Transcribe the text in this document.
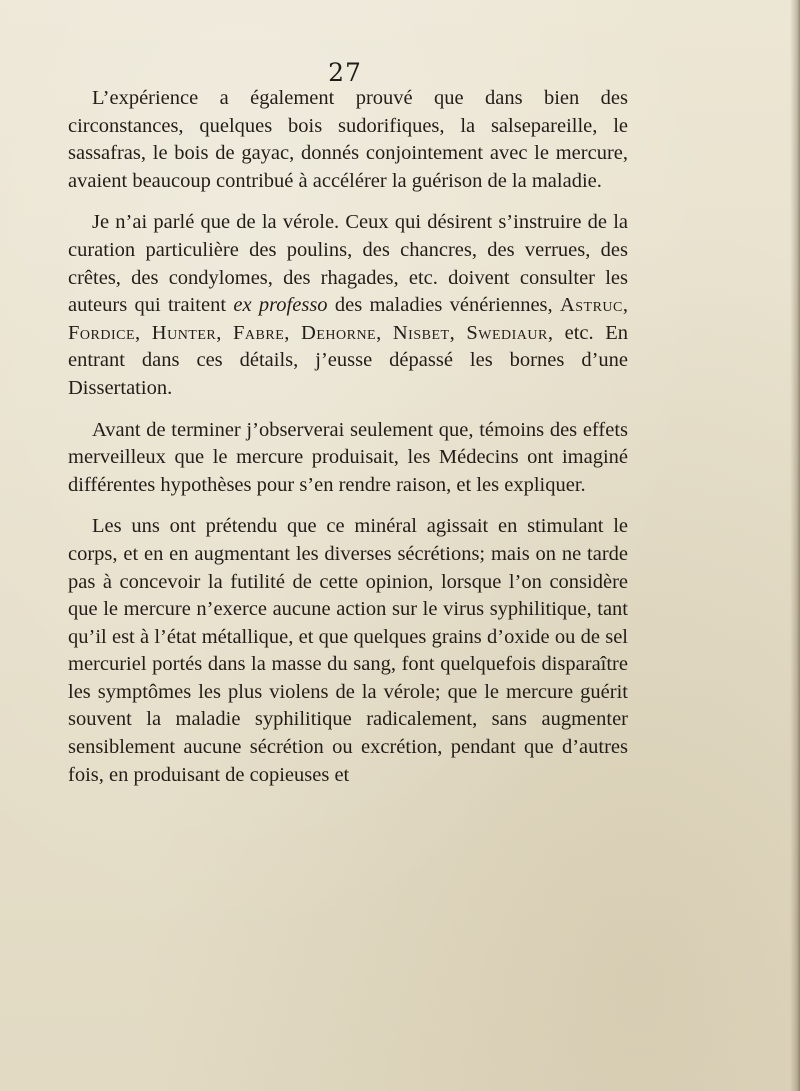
27

L’expérience a également prouvé que dans bien des circonstances, quelques bois sudorifiques, la salsepareille, le sassafras, le bois de gayac, donnés conjointement avec le mercure, avaient beaucoup contribué à accélérer la guérison de la maladie.

Je n’ai parlé que de la vérole. Ceux qui désirent s’instruire de la curation particulière des poulins, des chancres, des verrues, des crêtes, des condylomes, des rhagades, etc. doivent consulter les auteurs qui traitent ex professo des maladies vénériennes, Astruc, Fordice, Hunter, Fabre, Dehorne, Nisbet, Swediaur, etc. En entrant dans ces détails, j’eusse dépassé les bornes d’une Dissertation.

Avant de terminer j’observerai seulement que, témoins des effets merveilleux que le mercure produisait, les Médecins ont imaginé différentes hypothèses pour s’en rendre raison, et les expliquer.

Les uns ont prétendu que ce minéral agissait en stimulant le corps, et en en augmentant les diverses sécrétions; mais on ne tarde pas à concevoir la futilité de cette opinion, lorsque l’on considère que le mercure n’exerce aucune action sur le virus syphilitique, tant qu’il est à l’état métallique, et que quelques grains d’oxide ou de sel mercuriel portés dans la masse du sang, font quelquefois disparaître les symptômes les plus violens de la vérole; que le mercure guérit souvent la maladie syphilitique radicalement, sans augmenter sensiblement aucune sécrétion ou excrétion, pendant que d’autres fois, en produisant de copieuses et
